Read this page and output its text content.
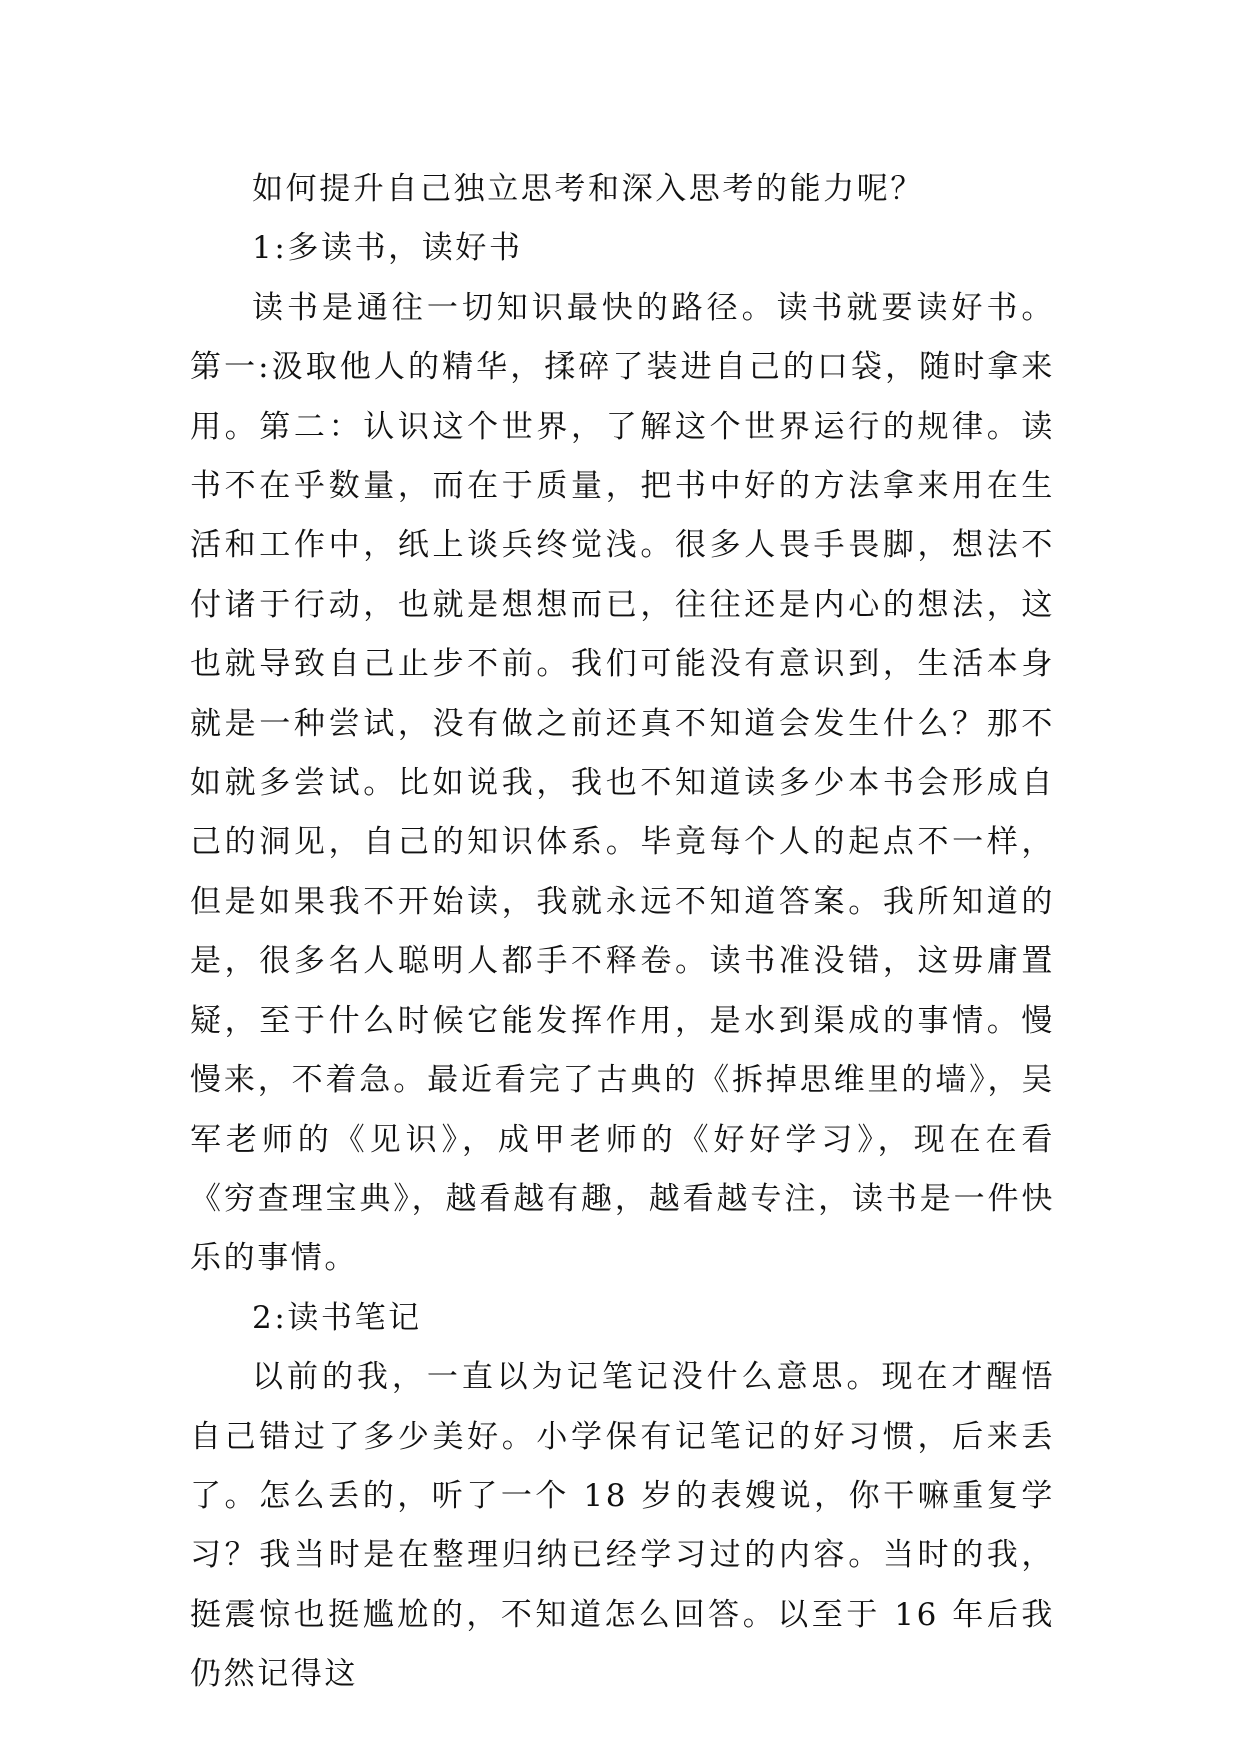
如何提升自己独立思考和深入思考的能力呢？

1:多读书，读好书

读书是通往一切知识最快的路径。读书就要读好书。第一:汲取他人的精华，揉碎了装进自己的口袋，随时拿来用。第二：认识这个世界，了解这个世界运行的规律。读书不在乎数量，而在于质量，把书中好的方法拿来用在生活和工作中，纸上谈兵终觉浅。很多人畏手畏脚，想法不付诸于行动，也就是想想而已，往往还是内心的想法，这也就导致自己止步不前。我们可能没有意识到，生活本身就是一种尝试，没有做之前还真不知道会发生什么？那不如就多尝试。比如说我，我也不知道读多少本书会形成自己的洞见，自己的知识体系。毕竟每个人的起点不一样，但是如果我不开始读，我就永远不知道答案。我所知道的是，很多名人聪明人都手不释卷。读书准没错，这毋庸置疑，至于什么时候它能发挥作用，是水到渠成的事情。慢慢来，不着急。最近看完了古典的《拆掉思维里的墙》，吴军老师的《见识》，成甲老师的《好好学习》，现在在看《穷查理宝典》，越看越有趣，越看越专注，读书是一件快乐的事情。

2:读书笔记

以前的我，一直以为记笔记没什么意思。现在才醒悟自己错过了多少美好。小学保有记笔记的好习惯，后来丢了。怎么丢的，听了一个 18 岁的表嫂说，你干嘛重复学习？我当时是在整理归纳已经学习过的内容。当时的我，挺震惊也挺尴尬的，不知道怎么回答。以至于 16 年后我仍然记得这
